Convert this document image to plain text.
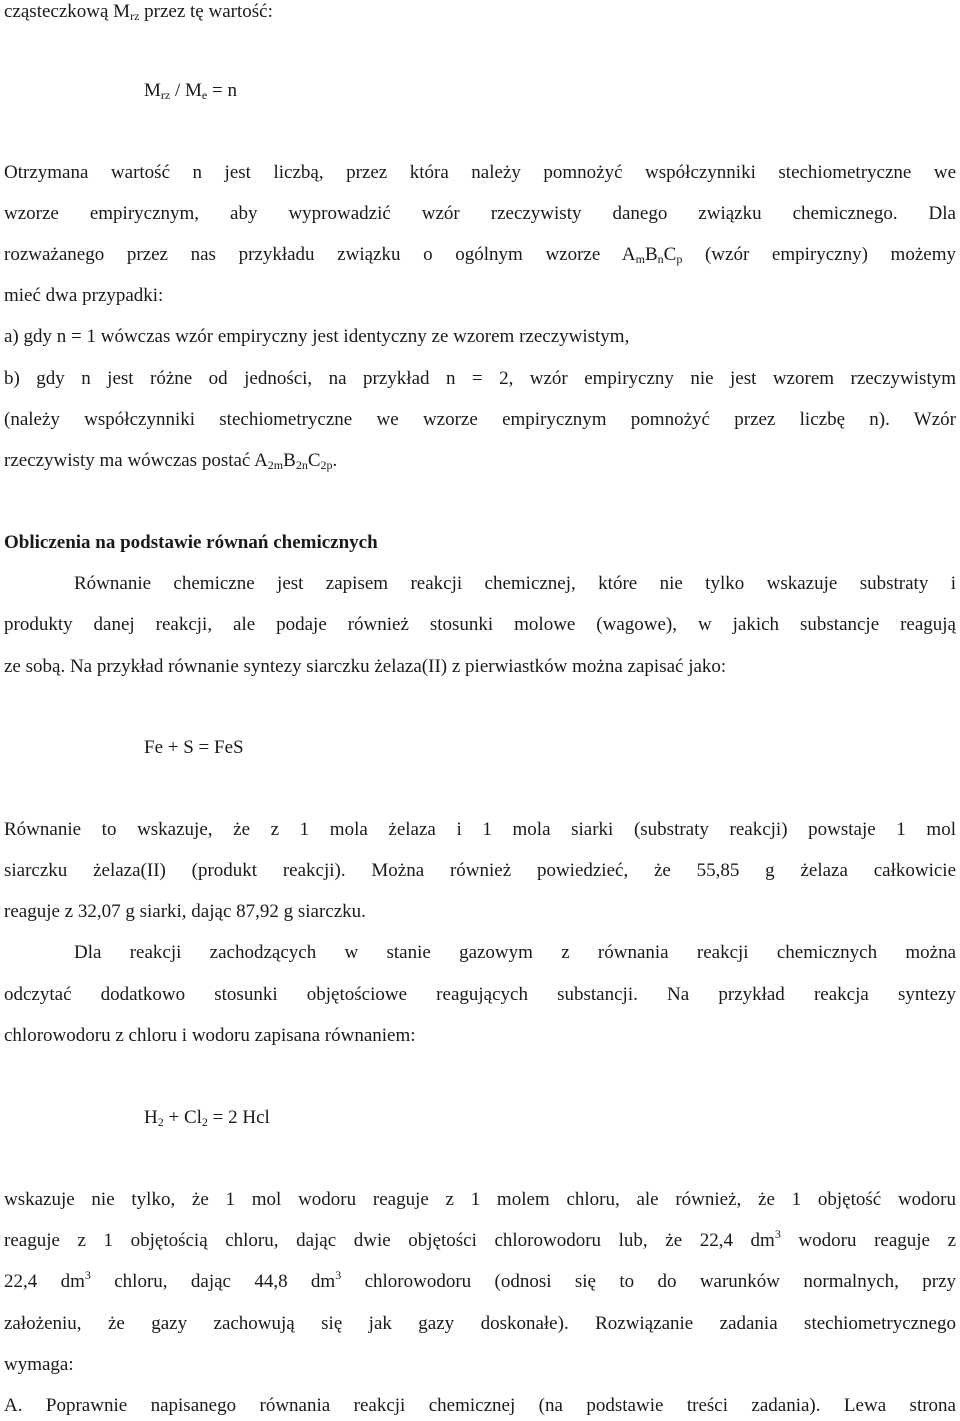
cząsteczkową $M_{rz}$ przez tę wartość:
$M_{rz} / M_e = n$
Otrzymana wartość n jest liczbą, przez która należy pomnożyć współczynniki stechiometryczne we
wzorze empirycznym, aby wyprowadzić wzór rzeczywisty danego związku chemicznego. Dla
rozważanego przez nas przykładu związku o ogólnym wzorze $A_mB_nC_p$ (wzór empiryczny) możemy
mieć dwa przypadki:
a) gdy n = 1 wówczas wzór empiryczny jest identyczny ze wzorem rzeczywistym,
b) gdy n jest różne od jedności, na przykład n = 2, wzór empiryczny nie jest wzorem rzeczywistym
(należy współczynniki stechiometryczne we wzorze empirycznym pomnożyć przez liczbę n). Wzór
rzeczywisty ma wówczas postać $A_{2m}B_{2n}C_{2p}$.
Obliczenia na podstawie równań chemicznych
Równanie chemiczne jest zapisem reakcji chemicznej, które nie tylko wskazuje substraty i
produkty danej reakcji, ale podaje również stosunki molowe (wagowe), w jakich substancje reagują
ze sobą. Na przykład równanie syntezy siarczku żelaza(II) z pierwiastków można zapisać jako:
Fe + S = FeS
Równanie to wskazuje, że z 1 mola żelaza i 1 mola siarki (substraty reakcji) powstaje 1 mol
siarczku żelaza(II) (produkt reakcji). Można również powiedzieć, że 55,85 g żelaza całkowicie
reaguje z 32,07 g siarki, dając 87,92 g siarczku.
Dla reakcji zachodzących w stanie gazowym z równania reakcji chemicznych można
odczytać dodatkowo stosunki objętościowe reagujących substancji. Na przykład reakcja syntezy
chlorowodoru z chloru i wodoru zapisana równaniem:
$H_2 + Cl_2 = 2$ Hcl
wskazuje nie tylko, że 1 mol wodoru reaguje z 1 molem chloru, ale również, że 1 objętość wodoru
reaguje z 1 objętością chloru, dając dwie objętości chlorowodoru lub, że 22,4 $dm^3$ wodoru reaguje z
22,4 $dm^3$ chloru, dając 44,8 $dm^3$ chlorowodoru (odnosi się to do warunków normalnych, przy
założeniu, że gazy zachowują się jak gazy doskonałe). Rozwiązanie zadania stechiometrycznego
wymaga:
A. Poprawnie napisanego równania reakcji chemicznej (na podstawie treści zadania). Lewa strona
